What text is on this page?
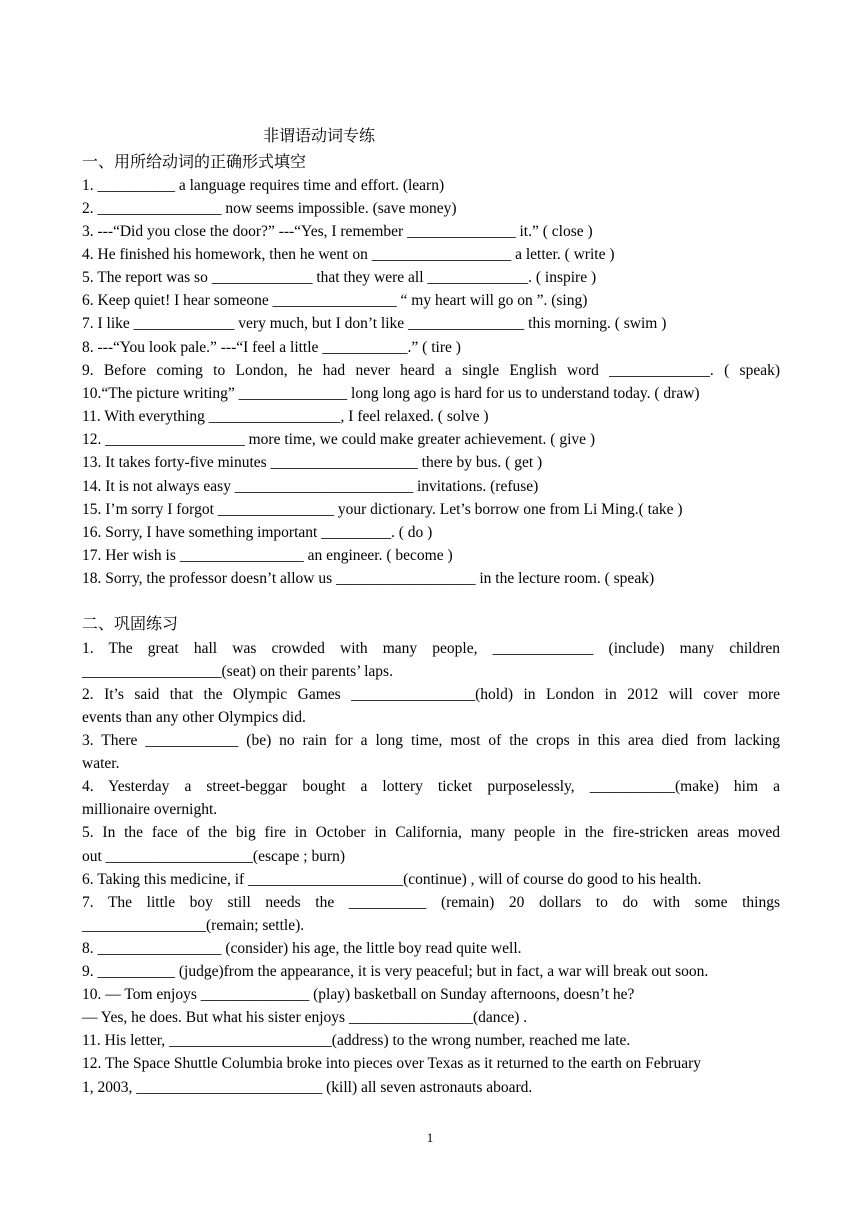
非谓语动词专练
一、用所给动词的正确形式填空
1. __________ a language requires time and effort. (learn)
2. ________________ now seems impossible. (save money)
3. ---“Did you close the door?” ---“Yes, I remember ______________ it.” ( close )
4. He finished his homework, then he went on __________________ a letter. ( write )
5. The report was so _____________ that they were all _____________. ( inspire )
6. Keep quiet! I hear someone ________________ “ my heart will go on ”. (sing)
7. I like _____________ very much, but I don’t like _______________ this morning. ( swim )
8. ---“You look pale.” ---“I feel a little ___________.” ( tire )
9. Before coming to London, he had never heard a single English word _____________. ( speak)
10.“The picture writing” ______________ long long ago is hard for us to understand today. ( draw)
11. With everything _________________, I feel relaxed. ( solve )
12. __________________ more time, we could make greater achievement. ( give )
13. It takes forty-five minutes ___________________ there by bus. ( get )
14. It is not always easy _______________________ invitations. (refuse)
15. I’m sorry I forgot _______________ your dictionary. Let’s borrow one from Li Ming.( take )
16. Sorry, I have something important _________. ( do )
17. Her wish is ________________ an engineer. ( become )
18. Sorry, the professor doesn’t allow us __________________ in the lecture room. ( speak)
二、巩固练习
1. The great hall was crowded with many people, _____________ (include) many children
__________________(seat) on their parents’ laps.
2. It’s said that the Olympic Games ________________(hold) in London in 2012 will cover more
events than any other Olympics did.
3. There ____________ (be) no rain for a long time, most of the crops in this area died from lacking
water.
4. Yesterday a street-beggar bought a lottery ticket purposelessly, ___________(make) him a
millionaire overnight.
5. In the face of the big fire in October in California, many people in the fire-stricken areas moved
out ___________________(escape ; burn)
6. Taking this medicine, if ____________________(continue) , will of course do good to his health.
7. The little boy still needs the __________ (remain) 20 dollars to do with some things
________________(remain; settle).
8. ________________ (consider) his age, the little boy read quite well.
9. __________ (judge)from the appearance, it is very peaceful; but in fact, a war will break out soon.
10. — Tom enjoys ______________ (play) basketball on Sunday afternoons, doesn’t he?
— Yes, he does. But what his sister enjoys ________________(dance) .
11. His letter, _____________________(address) to the wrong number, reached me late.
12. The Space Shuttle Columbia broke into pieces over Texas as it returned to the earth on February
1, 2003, ________________________ (kill) all seven astronauts aboard.
1
